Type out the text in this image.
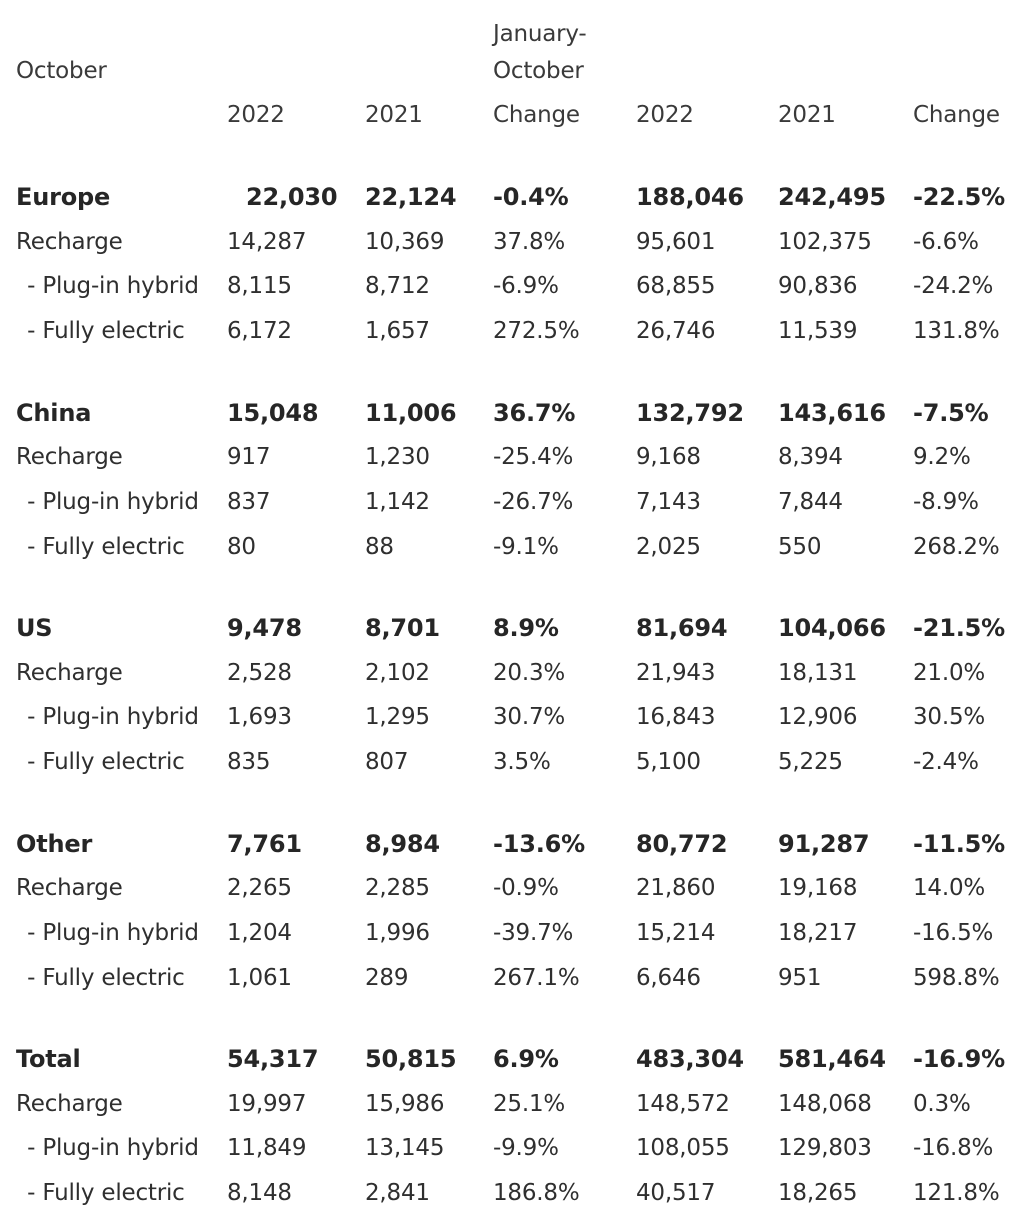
October
January-
October
2022	2021	Change 2022	2021	Change
Europe	22,030 22,124 -0.4%	188,046 242,495 -22.5%
Recharge	14,287	10,369 37.8%	95,601	102,375 -6.6%
- Plug-in hybrid 8,115	8,712	-6.9%	68,855	90,836 -24.2%
- Fully electric 6,172	1,657	272.5% 26,746	11,539 131.8%
China	15,048 11,006 36.7%	132,792 143,616 -7.5%
Recharge	917	1,230	-25.4%	9,168	8,394	9.2%
- Plug-in hybrid 837	1,142	-26.7%	7,143	7,844	-8.9%
- Fully electric 80	88	-9.1%	2,025	550	268.2%
US	9,478	8,701 8.9%	81,694 104,066 -21.5%
Recharge	2,528	2,102	20.3%	21,943	18,131 21.0%
- Plug-in hybrid 1,693	1,295	30.7%	16,843	12,906 30.5%
- Fully electric 835	807	3.5%	5,100	5,225	-2.4%
Other	7,761	8,984 -13.6% 80,772 91,287 -11.5%
Recharge	2,265	2,285	-0.9%	21,860	19,168 14.0%
- Plug-in hybrid 1,204	1,996	-39.7%	15,214	18,217 -16.5%
- Fully electric 1,061	289	267.1% 6,646	951	598.8%
Total	54,317 50,815 6.9%	483,304 581,464 -16.9%
Recharge	19,997	15,986 25.1%	148,572 148,068 0.3%
- Plug-in hybrid 11,849	13,145 -9.9%	108,055 129,803 -16.8%
- Fully electric 8,148	2,841	186.8% 40,517	18,265 121.8%
